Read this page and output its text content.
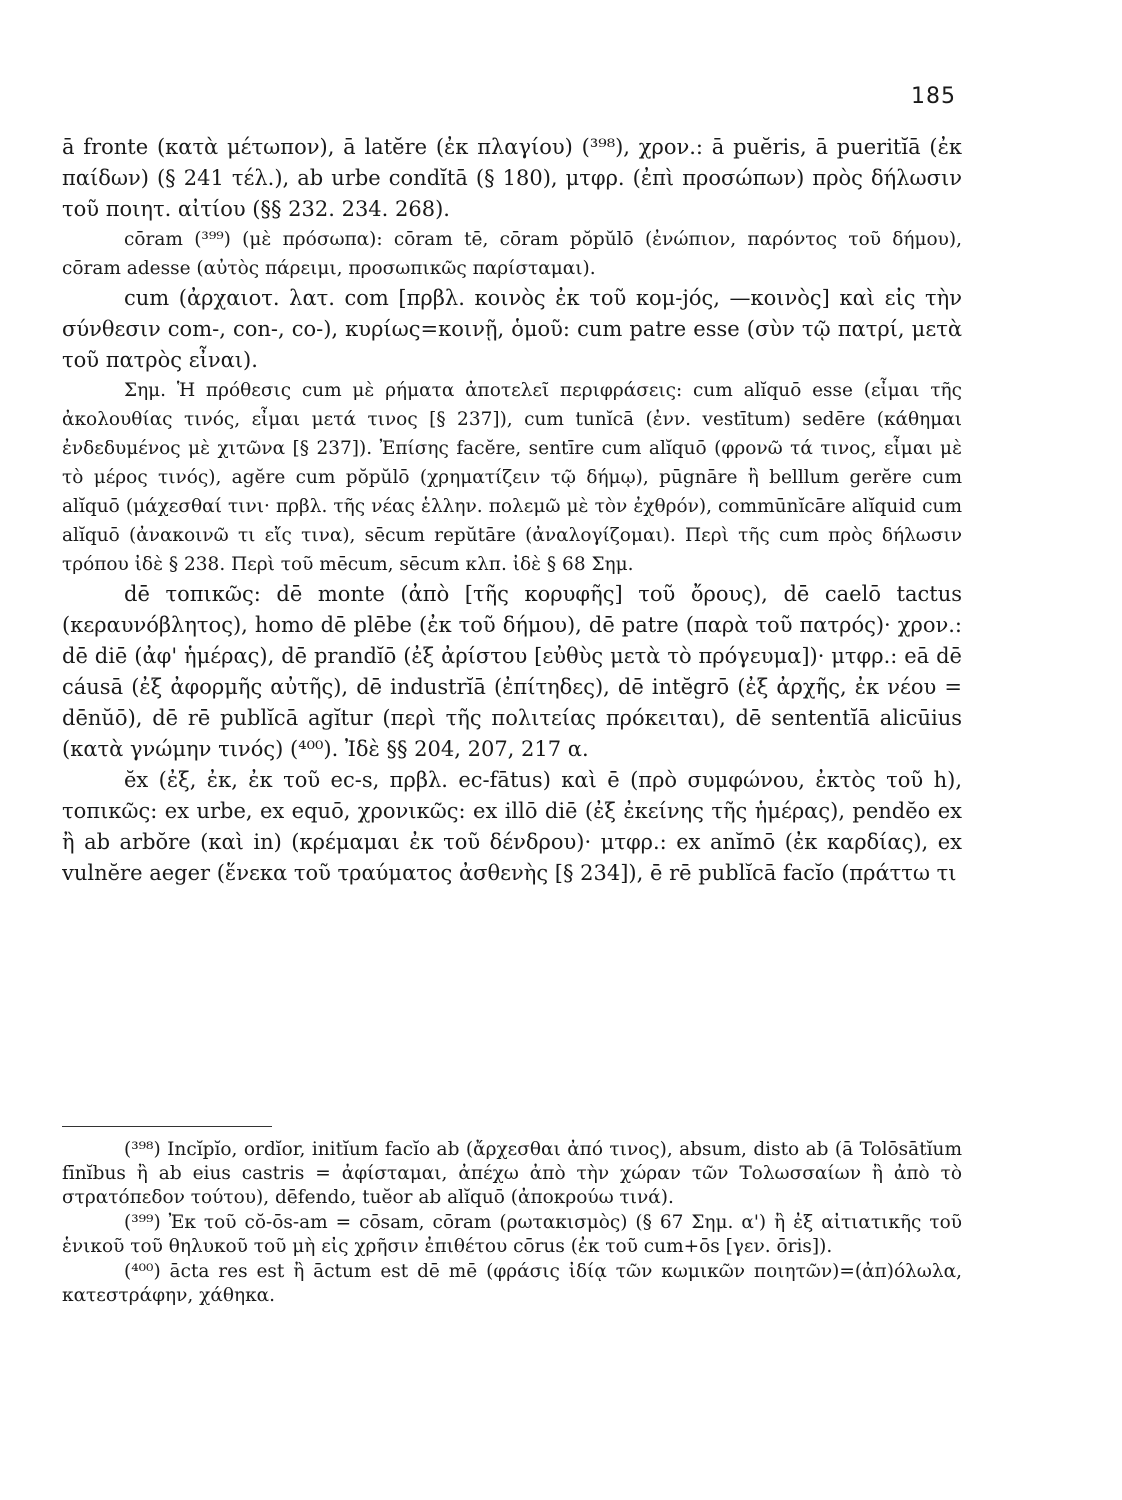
185

ā fronte (κατὰ μέτωπον), ā latĕre (ἐκ πλαγίου) (³⁹⁸), χρον.: ā puĕris, ā pueritĭā (ἐκ παίδων) (§ 241 τέλ.), ab urbe condĭtā (§ 180), μτφρ. (ἐπὶ προσώπων) πρὸς δήλωσιν τοῦ ποιητ. αἰτίου (§§ 232. 234. 268).

cōram (³⁹⁹) (μὲ πρόσωπα): cōram tē, cōram pŏpŭlō (ἐνώπιον, παρόντος τοῦ δήμου), cōram adesse (αὐτὸς πάρειμι, προσωπικῶς παρίσταμαι).

cum (ἀρχαιοτ. λατ. com [πρβλ. κοινὸς ἐκ τοῦ κομ-jός, —κοινὸς] καὶ εἰς τὴν σύνθεσιν com-, con-, co-), κυρίως=κοινῇ, ὁμοῦ: cum patre esse (σὺν τῷ πατρί, μετὰ τοῦ πατρὸς εἶναι).

Σημ. Ἡ πρόθεσις cum μὲ ρήματα ἀποτελεῖ περιφράσεις: cum alĭquō esse (εἶμαι τῆς ἀκολουθίας τινός, εἶμαι μετά τινος [§ 237]), cum tunĭcā (ἐνν. vestītum) sedēre (κάθημαι ἐνδεδυμένος μὲ χιτῶνα [§ 237]). Ἐπίσης facĕre, sentīre cum alĭquō (φρονῶ τά τινος, εἶμαι μὲ τὸ μέρος τινός), agĕre cum pŏpŭlō (χρηματίζειν τῷ δήμῳ), pūgnāre ἢ belllum gerĕre cum alĭquō (μάχεσθαί τινι· πρβλ. τῆς νέας ἑλλην. πολεμῶ μὲ τὸν ἐχθρόν), commūnĭcāre alĭquid cum alĭquō (ἀνακοινῶ τι εἴς τινα), sēcum repŭtāre (ἀναλογίζομαι). Περὶ τῆς cum πρὸς δήλωσιν τρόπου ἰδὲ § 238. Περὶ τοῦ mēcum, sēcum κλπ. ἰδὲ § 68 Σημ.

dē τοπικῶς: dē monte (ἀπὸ [τῆς κορυφῆς] τοῦ ὄρους), dē caelō tactus (κεραυνόβλητος), homo dē plēbe (ἐκ τοῦ δήμου), dē patre (παρὰ τοῦ πατρός)· χρον.: dē diē (ἀφ' ἡμέρας), dē prandĭō (ἐξ ἀρίστου [εὐθὺς μετὰ τὸ πρόγευμα])· μτφρ.: eā dē cáusā (ἐξ ἀφορμῆς αὐτῆς), dē industrĭā (ἐπίτηδες), dē intĕgrō (ἐξ ἀρχῆς, ἐκ νέου = dēnŭō), dē rē publĭcā agĭtur (περὶ τῆς πολιτείας πρόκειται), dē sententĭā alicūius (κατὰ γνώμην τινός) (⁴⁰⁰). Ἰδὲ §§ 204, 207, 217 α.

ĕx (ἐξ, ἐκ, ἐκ τοῦ ec-s, πρβλ. ec-fātus) καὶ ē (πρὸ συμφώνου, ἐκτὸς τοῦ h), τοπικῶς: ex urbe, ex equō, χρονικῶς: ex illō diē (ἐξ ἐκείνης τῆς ἡμέρας), pendĕo ex ἢ ab arbŏre (καὶ in) (κρέμαμαι ἐκ τοῦ δένδρου)· μτφρ.: ex anĭmō (ἐκ καρδίας), ex vulnĕre aeger (ἕνεκα τοῦ τραύματος ἀσθενὴς [§ 234]), ē rē publĭcā facĭo (πράττω τι

(³⁹⁸) Incĭpĭo, ordĭor, initĭum facĭo ab (ἄρχεσθαι ἀπό τινος), absum, disto ab (ā Tolōsātĭum fīnĭbus ἢ ab eius castris = ἀφίσταμαι, ἀπέχω ἀπὸ τὴν χώραν τῶν Τολωσσαίων ἢ ἀπὸ τὸ στρατόπεδον τούτου), dēfendo, tuĕor ab alĭquō (ἀποκρούω τινά).

(³⁹⁹) Ἐκ τοῦ cŏ-ōs-am = cōsam, cōram (ρωτακισμὸς) (§ 67 Σημ. α') ἢ ἐξ αἰτιατικῆς τοῦ ἑνικοῦ τοῦ θηλυκοῦ τοῦ μὴ εἰς χρῆσιν ἐπιθέτου cōrus (ἐκ τοῦ cum+ōs [γεν. ōris]).

(⁴⁰⁰) ācta res est ἢ āctum est dē mē (φράσις ἰδίᾳ τῶν κωμικῶν ποιητῶν)=(ἀπ)όλωλα, κατεστράφην, χάθηκα.
